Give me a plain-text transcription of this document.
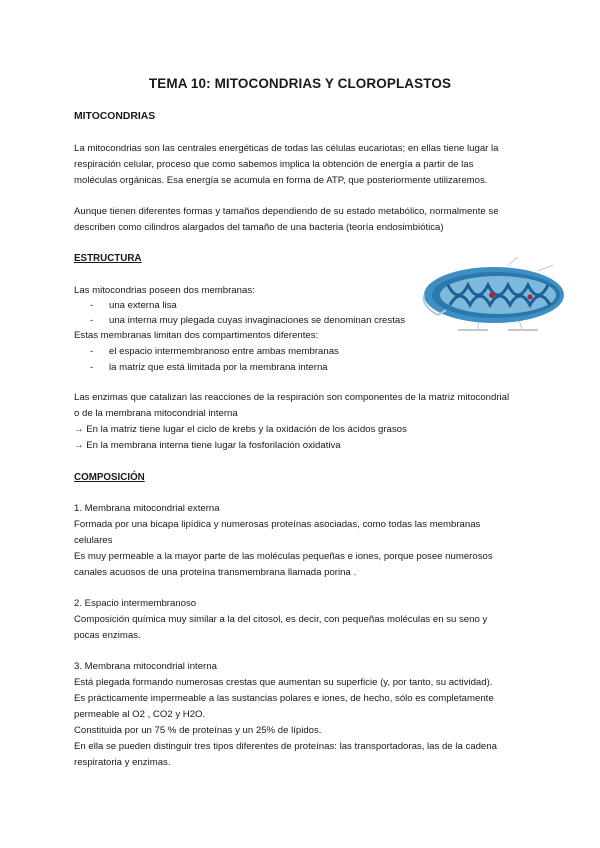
TEMA 10: MITOCONDRIAS Y CLOROPLASTOS
MITOCONDRIAS
La mitocondrias son las centrales energéticas de todas las células eucariotas; en ellas tiene lugar la
respiración celular, proceso que como sabemos implica la obtención de energía a partir de las
moléculas orgánicas. Esa energía se acumula en forma de ATP, que posteriormente utilizaremos.
Aunque tienen diferentes formas y tamaños dependiendo de su estado metabólico, normalmente se
describen como cilindros alargados del tamaño de una bacteria (teoría endosimbiótica)
ESTRUCTURA
Las mitocondrias poseen dos membranas:
- una externa lisa
- una interna muy plegada cuyas invaginaciones se denominan crestas
Estas membranas limitan dos compartimentos diferentes:
- el espacio intermembranoso entre ambas membranas
- la matriz que está limitada por la membrana interna
Las enzimas que catalizan las reacciones de la respiración son componentes de la matriz mitocondrial
o de la membrana mitocondrial interna
→ En la matriz tiene lugar el ciclo de krebs y la oxidación de los ácidos grasos
→ En la membrana interna tiene lugar la fosforilación oxidativa
COMPOSICIÓN
1. Membrana mitocondrial externa
Formada por una bicapa lipídica y numerosas proteínas asociadas, como todas las membranas
celulares
Es muy permeable a la mayor parte de las moléculas pequeñas e iones, porque posee numerosos
canales acuosos de una proteína transmembrana llamada porina .
2. Espacio intermembranoso
Composición química muy similar a la del citosol, es decir, con pequeñas moléculas en su seno y
pocas enzimas.
3. Membrana mitocondrial interna
Está plegada formando numerosas crestas que aumentan su superficie (y, por tanto, su actividad).
Es prácticamente impermeable a las sustancias polares e iones, de hecho, sólo es completamente
permeable al O2 , CO2 y H2O.
Constituida por un 75 % de proteínas y un 25% de lípidos.
En ella se pueden distinguir tres tipos diferentes de proteínas: las transportadoras, las de la cadena
respiratoria y enzimas.
